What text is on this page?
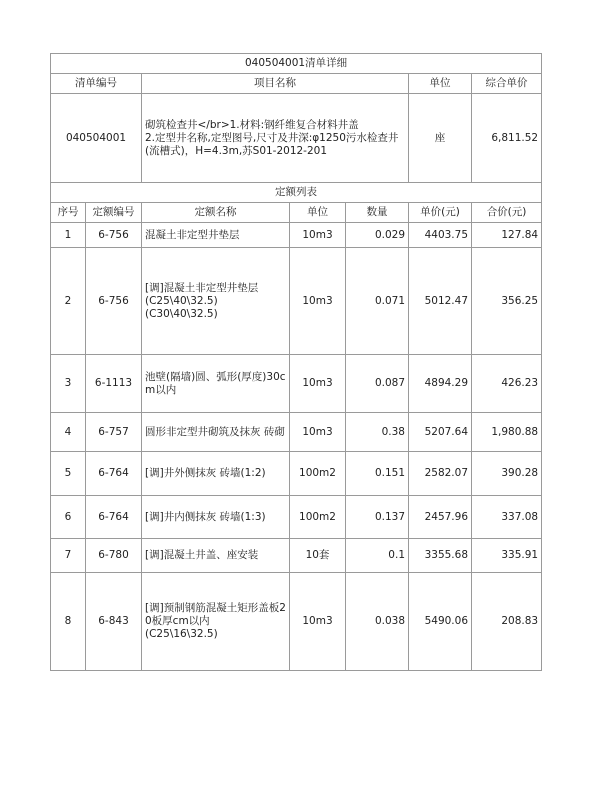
040504001清单详细						
清单编号		项目名称			单位	综合单价
040504001		砌筑检查井</br>1.材料:钢纤维复合材料井盖
2.定型井名称,定型图号,尺寸及井深:φ1250污水检查井(流槽式)，H=4.3m,苏S01-2012-201			座	6,811.52
定额列表						
序号	定额编号	定额名称	单位	数量	单价(元)	合价(元)
1	6-756	混凝土非定型井垫层	10m3	0.029	4403.75	127.84
2	6-756	[调]混凝土非定型井垫层
(C25\40\32.5)
(C30\40\32.5)	10m3	0.071	5012.47	356.25
3	6-1113	池壁(隔墙)圆、弧形(厚度)30cm以内	10m3	0.087	4894.29	426.23
4	6-757	圆形非定型井砌筑及抹灰 砖砌	10m3	0.38	5207.64	1,980.88
5	6-764	[调]井外侧抹灰 砖墙(1:2)	100m2	0.151	2582.07	390.28
6	6-764	[调]井内侧抹灰 砖墙(1:3)	100m2	0.137	2457.96	337.08
7	6-780	[调]混凝土井盖、座安装	10套	0.1	3355.68	335.91
8	6-843	[调]预制钢筋混凝土矩形盖板20板厚cm以内
(C25\16\32.5)	10m3	0.038	5490.06	208.83
